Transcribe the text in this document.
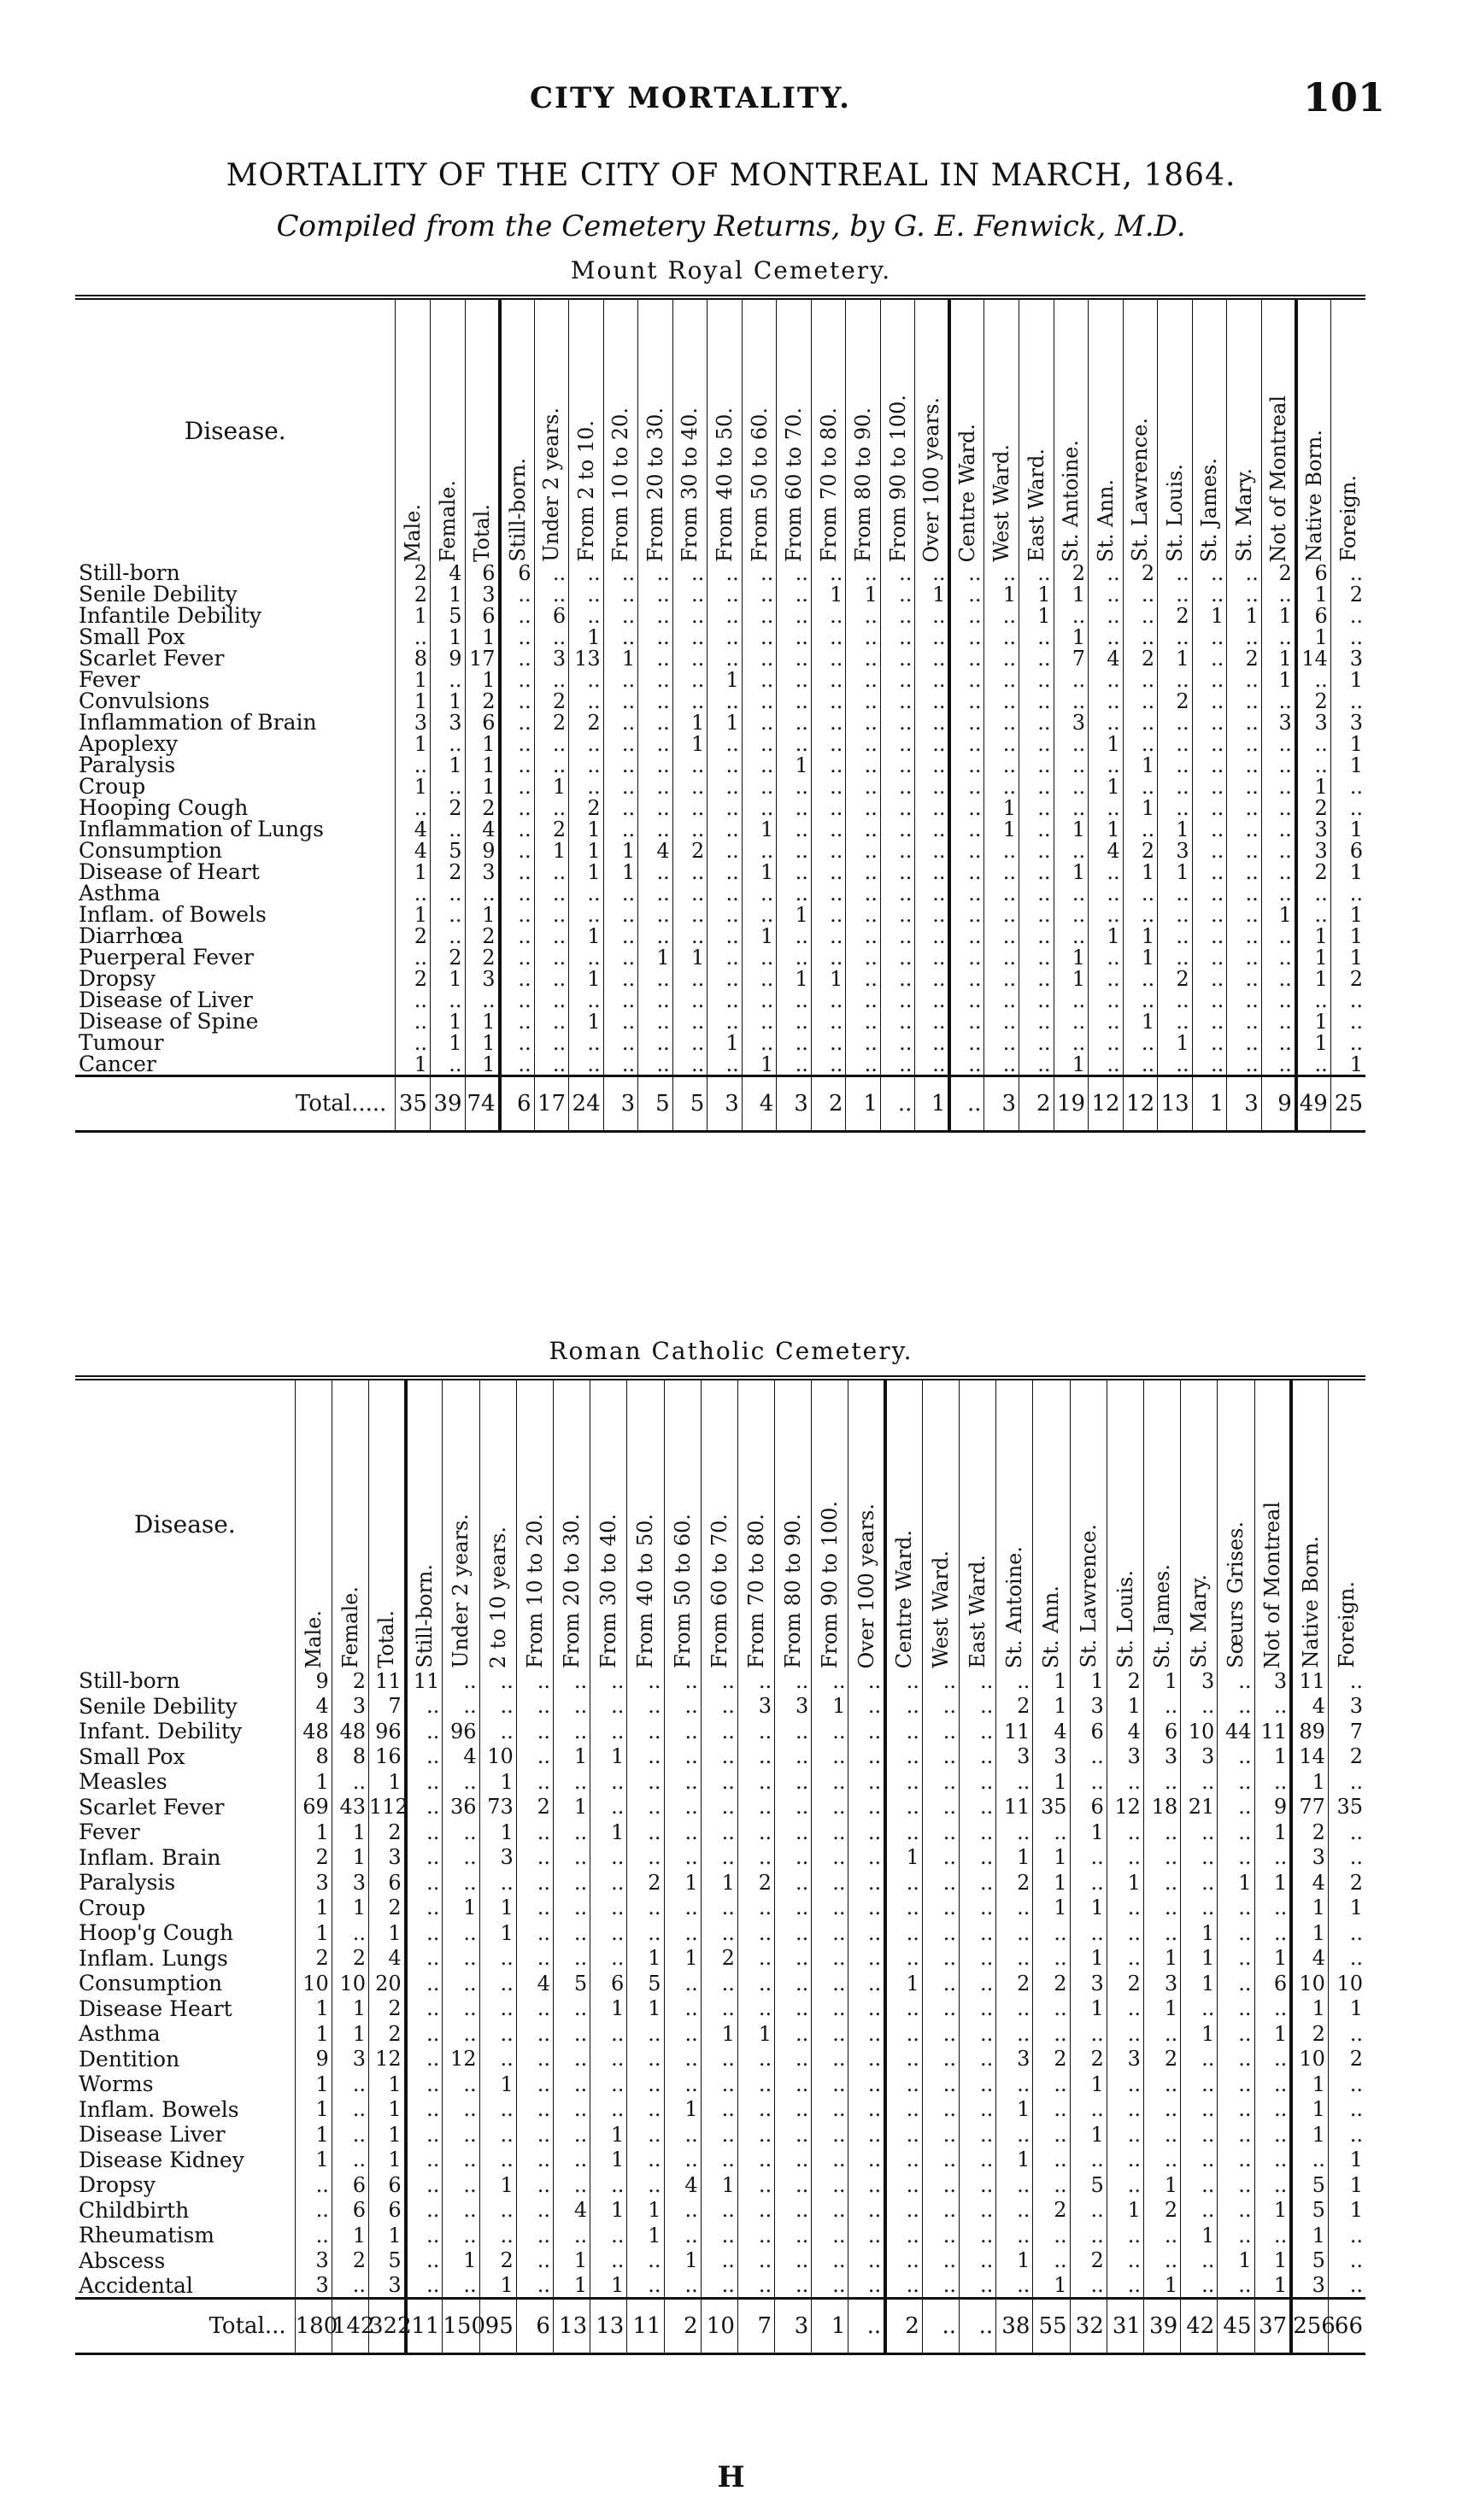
CITY MORTALITY.	101
MORTALITY OF THE CITY OF MONTREAL IN MARCH, 1864.
Compiled from the Cemetery Returns, by G. E. Fenwick, M.D.
Mount Royal Cemetery.
Disease.	Male.	Female.	Total.	Still-born.	Under 2 years.	From 2 to 10.	From 10 to 20.	From 20 to 30.	From 30 to 40.	From 40 to 50.	From 50 to 60.	From 60 to 70.	From 70 to 80.	From 80 to 90.	From 90 to 100.	Over 100 years.	Centre Ward.	West Ward.	East Ward.	St. Antoine.	St. Ann.	St. Lawrence.	St. Louis.	St. James.	St. Mary.	Not of Montreal	Native Born.	Foreign.

Still-born	2	4	6	6	..	..	..	..	..	..	..	..	..	..	..	..	..	..	..	2	..	2	..	..	..	2	6	..
Senile Debility	2	1	3	..	..	..	..	..	..	..	..	..	1	1	..	1	..	1	1	1	..	..	..	..	..	..	1	2
Infantile Debility	1	5	6	..	6	..	..	..	..	..	..	..	..	..	..	..	..	..	1	..	..	..	2	1	1	1	6	..
Small Pox	..	1	1	..	..	1	..	..	..	..	..	..	..	..	..	..	..	..	..	1	..	..	..	..	..	..	1	..
Scarlet Fever	8	9	17	..	3	13	1	..	..	..	..	..	..	..	..	..	..	..	..	7	4	2	1	..	2	1	14	3
Fever	1	..	1	..	..	..	..	..	..	1	..	..	..	..	..	..	..	..	..	..	..	..	..	..	..	1	..	1
Convulsions	1	1	2	..	2	..	..	..	..	..	..	..	..	..	..	..	..	..	..	..	..	..	2	..	..	..	2	..
Inflammation of Brain	3	3	6	..	2	2	..	..	1	1	..	..	..	..	..	..	..	..	..	3	..	..	..	..	..	3	3	3
Apoplexy	1	..	1	..	..	..	..	..	1	..	..	..	..	..	..	..	..	..	..	..	1	..	..	..	..	..	..	1
Paralysis	..	1	1	..	..	..	..	..	..	..	..	1	..	..	..	..	..	..	..	..	..	1	..	..	..	..	..	1
Croup	1	..	1	..	1	..	..	..	..	..	..	..	..	..	..	..	..	..	..	..	1	..	..	..	..	..	1	..
Hooping Cough	..	2	2	..	..	2	..	..	..	..	..	..	..	..	..	..	..	1	..	..	..	1	..	..	..	..	2	..
Inflammation of Lungs	4	..	4	..	2	1	..	..	..	..	1	..	..	..	..	..	..	1	..	1	1	..	1	..	..	..	3	1
Consumption	4	5	9	..	1	1	1	4	2	..	..	..	..	..	..	..	..	..	..	..	4	2	3	..	..	..	3	6
Disease of Heart	1	2	3	..	..	1	1	..	..	..	1	..	..	..	..	..	..	..	..	1	..	1	1	..	..	..	2	1
Asthma	..	..	..	..	..	..	..	..	..	..	..	..	..	..	..	..	..	..	..	..	..	..	..	..	..	..	..	..
Inflam. of Bowels	1	..	1	..	..	..	..	..	..	..	..	1	..	..	..	..	..	..	..	..	..	..	..	..	..	1	..	1
Diarrhœa	2	..	2	..	..	1	..	..	..	..	1	..	..	..	..	..	..	..	..	..	1	1	..	..	..	..	1	1
Puerperal Fever	..	2	2	..	..	..	..	1	1	..	..	..	..	..	..	..	..	..	..	1	..	1	..	..	..	..	1	1
Dropsy	2	1	3	..	..	1	..	..	..	..	..	1	1	..	..	..	..	..	..	1	..	..	2	..	..	..	1	2
Disease of Liver	..	..	..	..	..	..	..	..	..	..	..	..	..	..	..	..	..	..	..	..	..	..	..	..	..	..	..	..
Disease of Spine	..	1	1	..	..	1	..	..	..	..	..	..	..	..	..	..	..	..	..	..	..	1	..	..	..	..	1	..
Tumour	..	1	1	..	..	..	..	..	..	1	..	..	..	..	..	..	..	..	..	..	..	..	1	..	..	..	1	..
Cancer	1	..	1	..	..	..	..	..	..	..	1	..	..	..	..	..	..	..	..	1	..	..	..	..	..	..	..	1
Total.....	35	39	74	6	17	24	3	5	5	3	4	3	2	1	..	1	..	3	2	19	12	12	13	1	3	9	49	25
Roman Catholic Cemetery.
Disease.	Male.	Female.	Total.	Still-born.	Under 2 years.	2 to 10 years.	From 10 to 20.	From 20 to 30.	From 30 to 40.	From 40 to 50.	From 50 to 60.	From 60 to 70.	From 70 to 80.	From 80 to 90.	From 90 to 100.	Over 100 years.	Centre Ward.	West Ward.	East Ward.	St. Antoine.	St. Ann.	St. Lawrence.	St. Louis.	St. James.	St. Mary.	Sœurs Grises.	Not of Montreal	Native Born.	Foreign.

Still-born	9	2	11	11	..	..	..	..	..	..	..	..	..	..	..	..	..	..	..	..	1	1	2	1	3	..	3	11	..
Senile Debility	4	3	7	..	..	..	..	..	..	..	..	..	3	3	1	..	..	..	..	2	1	3	1	..	..	..	..	4	3
Infant. Debility	48	48	96	..	96	..	..	..	..	..	..	..	..	..	..	..	..	..	..	11	4	6	4	6	10	44	11	89	7
Small Pox	8	8	16	..	4	10	..	1	1	..	..	..	..	..	..	..	..	..	..	3	3	..	3	3	3	..	1	14	2
Measles	1	..	1	..	..	1	..	..	..	..	..	..	..	..	..	..	..	..	..	..	1	..	..	..	..	..	..	1	..
Scarlet Fever	69	43	112	..	36	73	2	1	..	..	..	..	..	..	..	..	..	..	..	11	35	6	12	18	21	..	9	77	35
Fever	1	1	2	..	..	1	..	..	1	..	..	..	..	..	..	..	..	..	..	..	..	1	..	..	..	..	1	2	..
Inflam. Brain	2	1	3	..	..	3	..	..	..	..	..	..	..	..	..	..	1	..	..	1	1	..	..	..	..	..	..	3	..
Paralysis	3	3	6	..	..	..	..	..	..	2	1	1	2	..	..	..	..	..	..	2	1	..	1	..	..	1	1	4	2
Croup	1	1	2	..	1	1	..	..	..	..	..	..	..	..	..	..	..	..	..	..	1	1	..	..	..	..	..	1	1
Hoop'g Cough	1	..	1	..	..	1	..	..	..	..	..	..	..	..	..	..	..	..	..	..	..	..	..	..	1	..	..	1	..
Inflam. Lungs	2	2	4	..	..	..	..	..	..	1	1	2	..	..	..	..	..	..	..	..	..	1	..	1	1	..	1	4	..
Consumption	10	10	20	..	..	..	4	5	6	5	..	..	..	..	..	..	1	..	..	2	2	3	2	3	1	..	6	10	10
Disease Heart	1	1	2	..	..	..	..	..	1	1	..	..	..	..	..	..	..	..	..	..	..	1	..	1	..	..	..	1	1
Asthma	1	1	2	..	..	..	..	..	..	..	..	1	1	..	..	..	..	..	..	..	..	..	..	..	1	..	1	2	..
Dentition	9	3	12	..	12	..	..	..	..	..	..	..	..	..	..	..	..	..	..	3	2	2	3	2	..	..	..	10	2
Worms	1	..	1	..	..	1	..	..	..	..	..	..	..	..	..	..	..	..	..	..	..	1	..	..	..	..	..	1	..
Inflam. Bowels	1	..	1	..	..	..	..	..	..	..	1	..	..	..	..	..	..	..	..	1	..	..	..	..	..	..	..	1	..
Disease Liver	1	..	1	..	..	..	..	..	1	..	..	..	..	..	..	..	..	..	..	..	..	1	..	..	..	..	..	1	..
Disease Kidney	1	..	1	..	..	..	..	..	1	..	..	..	..	..	..	..	..	..	..	1	..	..	..	..	..	..	..	..	1
Dropsy	..	6	6	..	..	1	..	..	..	..	4	1	..	..	..	..	..	..	..	..	..	5	..	1	..	..	..	5	1
Childbirth	..	6	6	..	..	..	..	4	1	1	..	..	..	..	..	..	..	..	..	..	2	..	1	2	..	..	1	5	1
Rheumatism	..	1	1	..	..	..	..	..	..	1	..	..	..	..	..	..	..	..	..	..	..	..	..	..	1	..	..	1	..
Abscess	3	2	5	..	1	2	..	1	..	..	1	..	..	..	..	..	..	..	..	1	..	2	..	..	..	1	1	5	..
Accidental	3	..	3	..	..	1	..	1	1	..	..	..	..	..	..	..	..	..	..	..	1	..	..	1	..	..	1	3	..
Total...	180	142	322	11	150	95	6	13	13	11	2	10	7	3	1	..	2	..	..	38	55	32	31	39	42	45	37	256	66
H
